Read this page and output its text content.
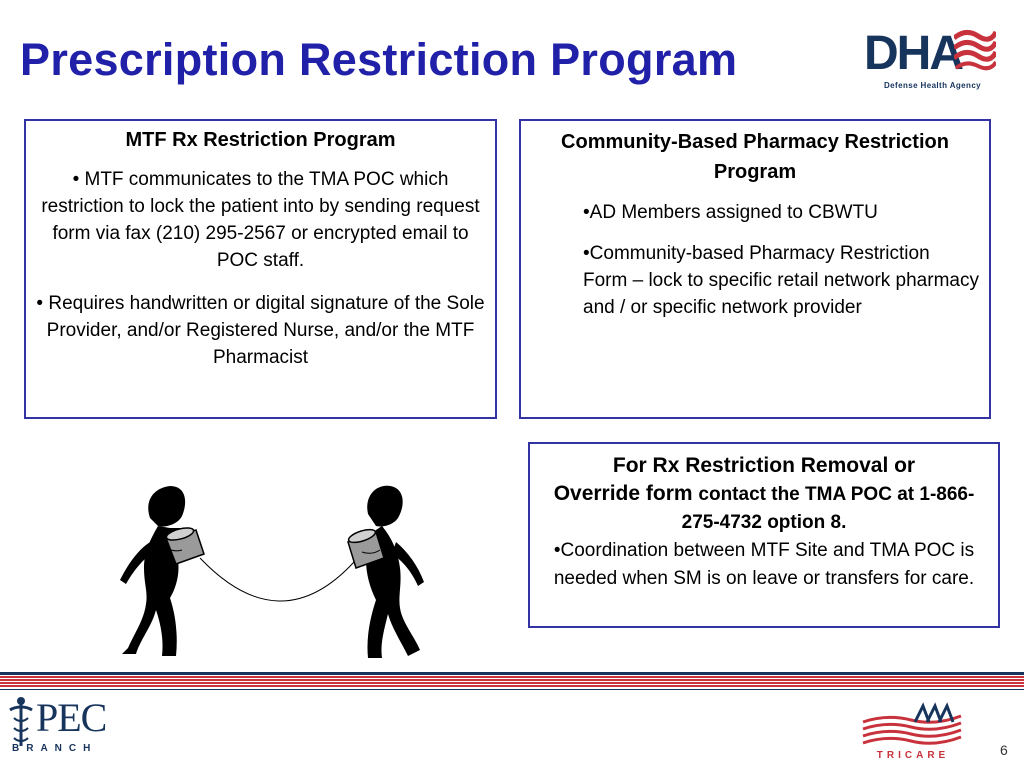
Prescription Restriction Program	DHA
Defense Health Agency

MTF Rx Restriction Program

• MTF communicates to the TMA POC which restriction to lock the patient into by sending request form via fax (210) 295-2567 or encrypted email to POC staff.

• Requires handwritten or digital signature of the Sole Provider, and/or Registered Nurse, and/or the MTF Pharmacist

Community-Based Pharmacy Restriction Program

•AD Members assigned to CBWTU

•Community-based Pharmacy Restriction Form – lock to specific retail network pharmacy and / or specific network provider

For Rx Restriction Removal or
Override form contact the TMA POC at 1-866-275-4732 option 8.
•Coordination between MTF Site and TMA POC is needed when SM is on leave or transfers for care.
PEC
BRANCH
TRICARE	6
